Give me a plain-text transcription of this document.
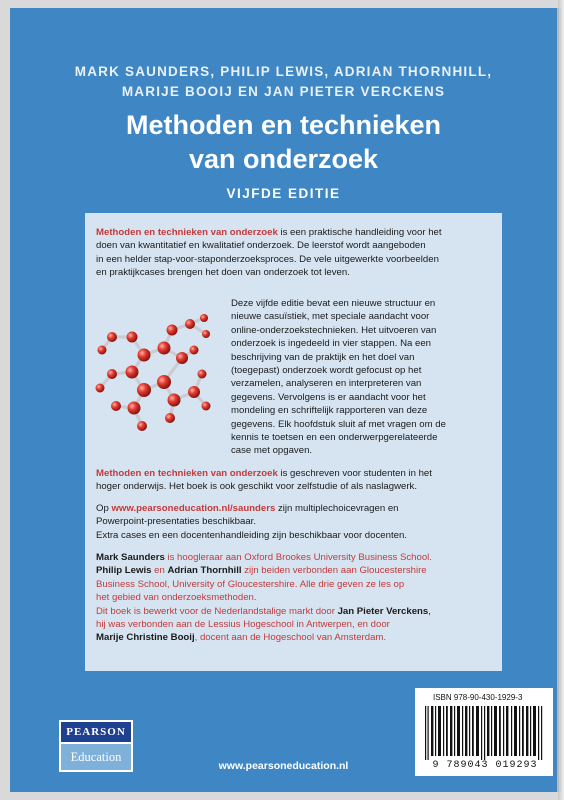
MARK SAUNDERS, PHILIP LEWIS, ADRIAN THORNHILL,
MARIJE BOOIJ EN JAN PIETER VERCKENS
Methoden en technieken
van onderzoek
VIJFDE EDITIE
Methoden en technieken van onderzoek is een praktische handleiding voor het
doen van kwantitatief en kwalitatief onderzoek. De leerstof wordt aangeboden
in een helder stap-voor-staponderzoeksproces. De vele uitgewerkte voorbeelden
en praktijkcases brengen het doen van onderzoek tot leven.
Deze vijfde editie bevat een nieuwe structuur en
nieuwe casuïstiek, met speciale aandacht voor
online-onderzoekstechnieken. Het uitvoeren van
onderzoek is ingedeeld in vier stappen. Na een
beschrijving van de praktijk en het doel van
(toegepast) onderzoek wordt gefocust op het
verzamelen, analyseren en interpreteren van
gegevens. Vervolgens is er aandacht voor het
mondeling en schriftelijk rapporteren van deze
gegevens. Elk hoofdstuk sluit af met vragen om de
kennis te toetsen en een onderwerpgerelateerde
case met opgaven.
Methoden en technieken van onderzoek is geschreven voor studenten in het
hoger onderwijs. Het boek is ook geschikt voor zelfstudie of als naslagwerk.
Op www.pearsoneducation.nl/saunders zijn multiplechoicevragen en
Powerpoint-presentaties beschikbaar.
Extra cases en een docentenhandleiding zijn beschikbaar voor docenten.
Mark Saunders is hoogleraar aan Oxford Brookes University Business School.
Philip Lewis en Adrian Thornhill zijn beiden verbonden aan Gloucestershire
Business School, University of Gloucestershire. Alle drie geven ze les op
het gebied van onderzoeksmethoden.
Dit boek is bewerkt voor de Nederlandstalige markt door Jan Pieter Verckens,
hij was verbonden aan de Lessius Hogeschool in Antwerpen, en door
Marije Christine Booij, docent aan de Hogeschool van Amsterdam.
PEARSON
Education
ISBN 978-90-430-1929-3
9 789043 019293
www.pearsoneducation.nl
